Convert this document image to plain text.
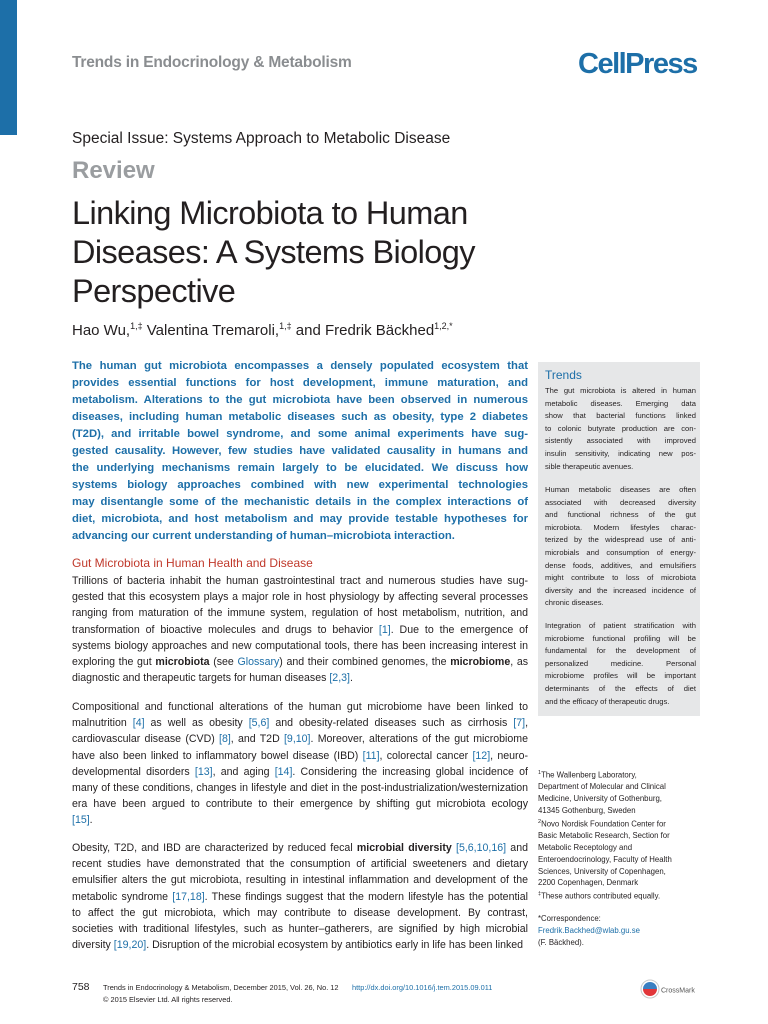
Trends in Endocrinology & Metabolism	CellPress
Special Issue: Systems Approach to Metabolic Disease
Review
Linking Microbiota to Human
Diseases: A Systems Biology
Perspective
Hao Wu,$^{1,\ddagger}$ Valentina Tremaroli,$^{1,\ddagger}$ and Fredrik Bäckhed$^{1,2,*}$
The human gut microbiota encompasses a densely populated ecosystem that
provides essential functions for host development, immune maturation, and
metabolism. Alterations to the gut microbiota have been observed in numerous
diseases, including human metabolic diseases such as obesity, type 2 diabetes
(T2D), and irritable bowel syndrome, and some animal experiments have sug-
gested causality. However, few studies have validated causality in humans and
the underlying mechanisms remain largely to be elucidated. We discuss how
systems biology approaches combined with new experimental technologies
may disentangle some of the mechanistic details in the complex interactions of
diet, microbiota, and host metabolism and may provide testable hypotheses for
advancing our current understanding of human–microbiota interaction.
Gut Microbiota in Human Health and Disease
Trillions of bacteria inhabit the human gastrointestinal tract and numerous studies have sug-
gested that this ecosystem plays a major role in host physiology by affecting several processes
ranging from maturation of the immune system, regulation of host metabolism, nutrition, and
transformation of bioactive molecules and drugs to behavior [1]. Due to the emergence of
systems biology approaches and new computational tools, there has been increasing interest in
exploring the gut microbiota (see Glossary) and their combined genomes, the microbiome, as
diagnostic and therapeutic targets for human diseases [2,3].
Compositional and functional alterations of the human gut microbiome have been linked to
malnutrition [4] as well as obesity [5,6] and obesity-related diseases such as cirrhosis [7],
cardiovascular disease (CVD) [8], and T2D [9,10]. Moreover, alterations of the gut microbiome
have also been linked to inflammatory bowel disease (IBD) [11], colorectal cancer [12], neuro-
developmental disorders [13], and aging [14]. Considering the increasing global incidence of
many of these conditions, changes in lifestyle and diet in the post-industrialization/westernization
era have been argued to contribute to their emergence by shifting gut microbiota ecology
[15].
Obesity, T2D, and IBD are characterized by reduced fecal microbial diversity [5,6,10,16] and
recent studies have demonstrated that the consumption of artificial sweeteners and dietary
emulsifier alters the gut microbiota, resulting in intestinal inflammation and development of the
metabolic syndrome [17,18]. These findings suggest that the modern lifestyle has the potential
to affect the gut microbiota, which may contribute to disease development. By contrast,
societies with traditional lifestyles, such as hunter–gatherers, are signified by high microbial
diversity [19,20]. Disruption of the microbial ecosystem by antibiotics early in life has been linked
Trends
The gut microbiota is altered in human
metabolic diseases. Emerging data
show that bacterial functions linked
to colonic butyrate production are con-
sistently associated with improved
insulin sensitivity, indicating new pos-
sible therapeutic avenues.
Human metabolic diseases are often
associated with decreased diversity
and functional richness of the gut
microbiota. Modern lifestyles charac-
terized by the widespread use of anti-
microbials and consumption of energy-
dense foods, additives, and emulsifiers
might contribute to loss of microbiota
diversity and the increased incidence of
chronic diseases.
Integration of patient stratification with
microbiome functional profiling will be
fundamental for the development of
personalized medicine. Personal
microbiome profiles will be important
determinants of the effects of diet
and the efficacy of therapeutic drugs.
$^1$The Wallenberg Laboratory,
Department of Molecular and Clinical
Medicine, University of Gothenburg,
41345 Gothenburg, Sweden
$^2$Novo Nordisk Foundation Center for
Basic Metabolic Research, Section for
Metabolic Receptology and
Enteroendocrinology, Faculty of Health
Sciences, University of Copenhagen,
2200 Copenhagen, Denmark
‡These authors contributed equally.
*Correspondence:
Fredrik.Backhed@wlab.gu.se
(F. Bäckhed).
758 Trends in Endocrinology & Metabolism, December 2015, Vol. 26, No. 12 http://dx.doi.org/10.1016/j.tem.2015.09.011
© 2015 Elsevier Ltd. All rights reserved.
CrossMark
